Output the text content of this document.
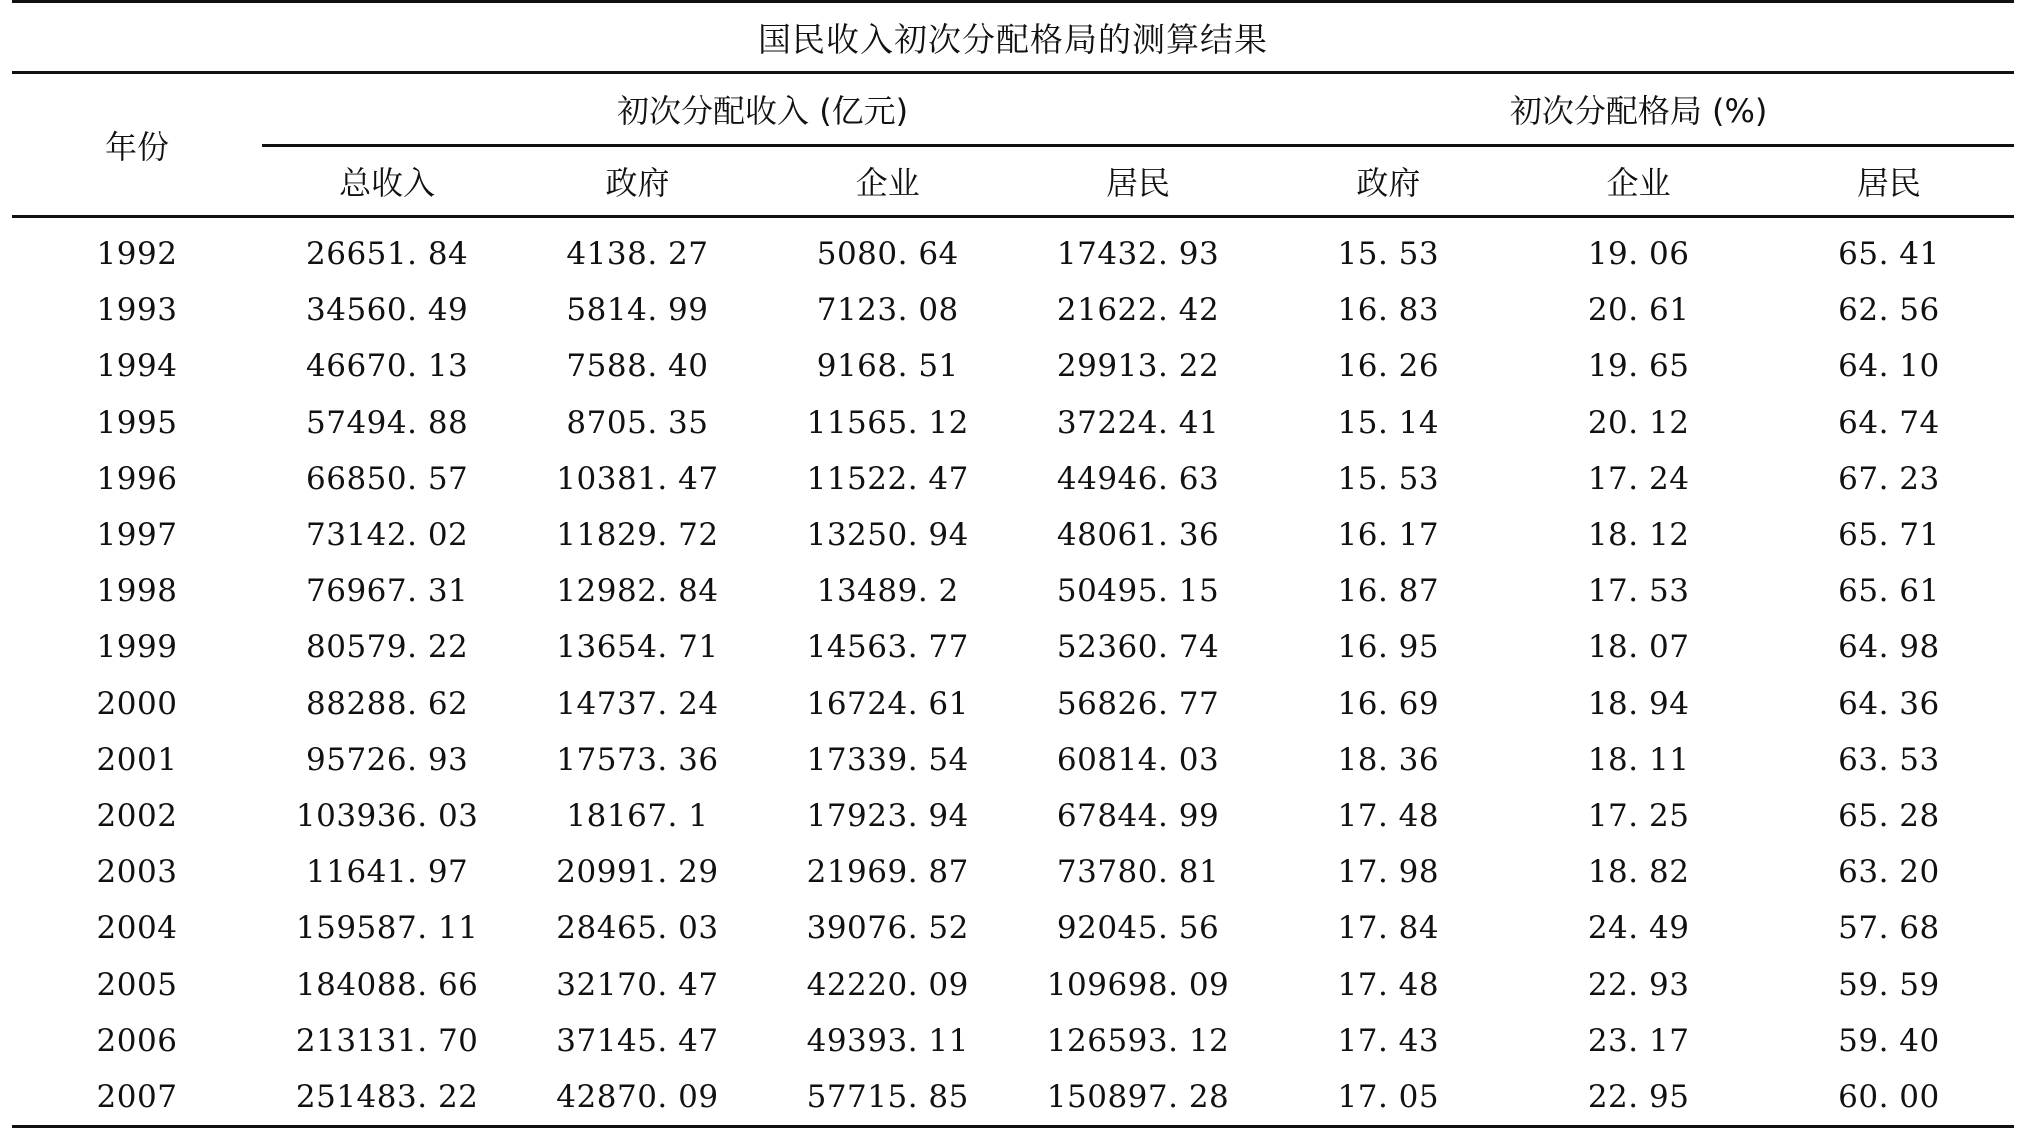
国民收入初次分配格局的测算结果							
年份	初次分配收入 (亿元)				初次分配格局 (%)		
	总收入	政府	企业	居民	政府	企业	居民
1992	26651. 84	4138. 27	5080. 64	17432. 93	15. 53	19. 06	65. 41
1993	34560. 49	5814. 99	7123. 08	21622. 42	16. 83	20. 61	62. 56
1994	46670. 13	7588. 40	9168. 51	29913. 22	16. 26	19. 65	64. 10
1995	57494. 88	8705. 35	11565. 12	37224. 41	15. 14	20. 12	64. 74
1996	66850. 57	10381. 47	11522. 47	44946. 63	15. 53	17. 24	67. 23
1997	73142. 02	11829. 72	13250. 94	48061. 36	16. 17	18. 12	65. 71
1998	76967. 31	12982. 84	13489. 2	50495. 15	16. 87	17. 53	65. 61
1999	80579. 22	13654. 71	14563. 77	52360. 74	16. 95	18. 07	64. 98
2000	88288. 62	14737. 24	16724. 61	56826. 77	16. 69	18. 94	64. 36
2001	95726. 93	17573. 36	17339. 54	60814. 03	18. 36	18. 11	63. 53
2002	103936. 03	18167. 1	17923. 94	67844. 99	17. 48	17. 25	65. 28
2003	11641. 97	20991. 29	21969. 87	73780. 81	17. 98	18. 82	63. 20
2004	159587. 11	28465. 03	39076. 52	92045. 56	17. 84	24. 49	57. 68
2005	184088. 66	32170. 47	42220. 09	109698. 09	17. 48	22. 93	59. 59
2006	213131. 70	37145. 47	49393. 11	126593. 12	17. 43	23. 17	59. 40
2007	251483. 22	42870. 09	57715. 85	150897. 28	17. 05	22. 95	60. 00
